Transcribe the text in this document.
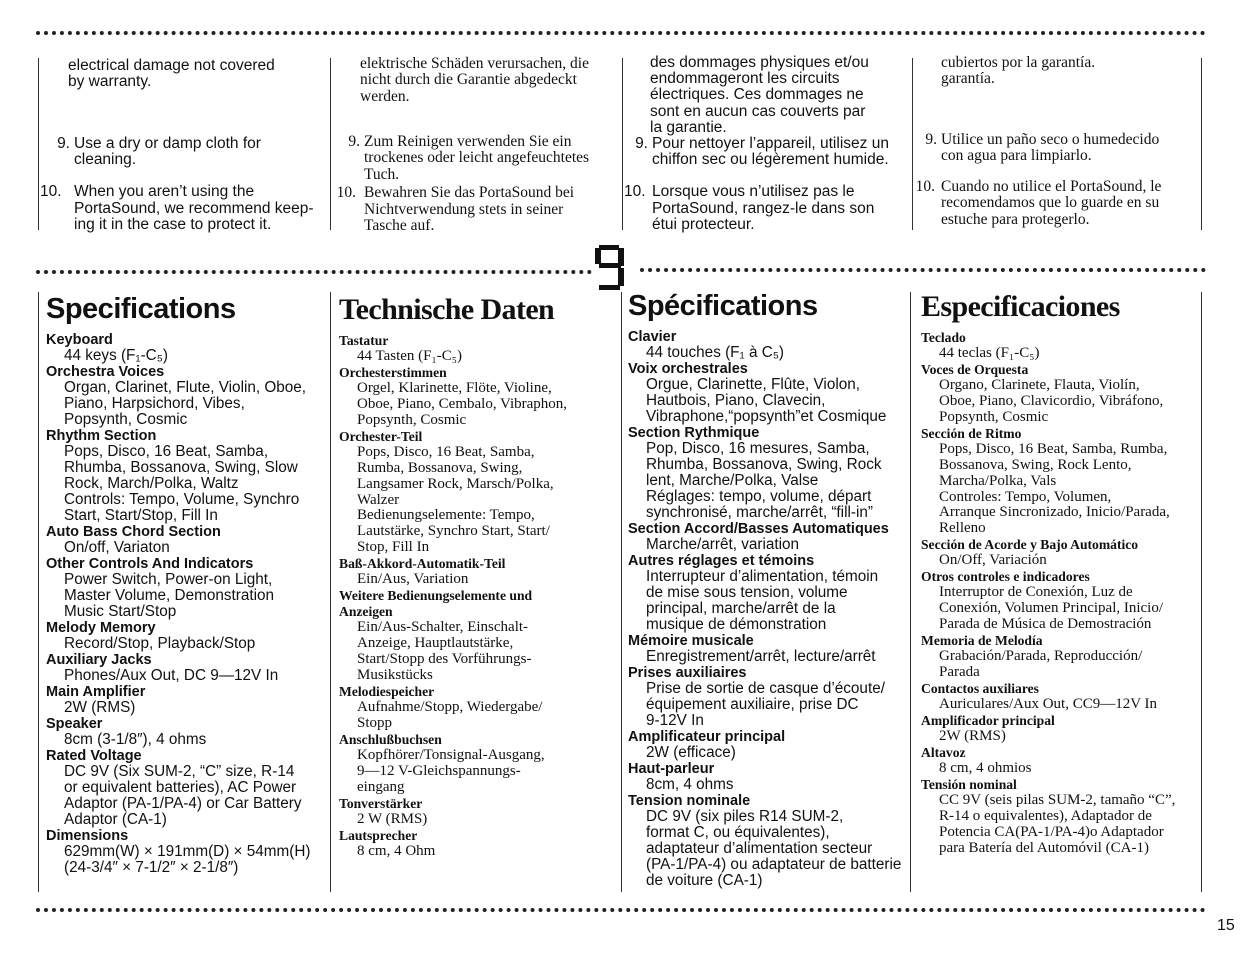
electrical damage not covered
by warranty.
9. Use a dry or damp cloth for
cleaning.
10. When you aren’t using the
PortaSound, we recommend keep-
ing it in the case to protect it.
elektrische Schäden verursachen, die
nicht durch die Garantie abgedeckt
werden.
9. Zum Reinigen verwenden Sie ein
trockenes oder leicht angefeuchtetes
Tuch.
10. Bewahren Sie das PortaSound bei
Nichtverwendung stets in seiner
Tasche auf.
des dommages physiques et/ou
endommageront les circuits
électriques. Ces dommages ne
sont en aucun cas couverts par
la garantie.
9. Pour nettoyer l’appareil, utilisez un
chiffon sec ou légèrement humide.
10. Lorsque vous n’utilisez pas le
PortaSound, rangez-le dans son
étui protecteur.
cubiertos por la garantía.
garantía.
9. Utilice un paño seco o humedecido
con agua para limpiarlo.
10. Cuando no utilice el PortaSound, le
recomendamos que lo guarde en su
estuche para protegerlo.
Specifications
Keyboard
44 keys (F₁-C₅)
Orchestra Voices
Organ, Clarinet, Flute, Violin, Oboe,
Piano, Harpsichord, Vibes,
Popsynth, Cosmic
Rhythm Section
Pops, Disco, 16 Beat, Samba,
Rhumba, Bossanova, Swing, Slow
Rock, March/Polka, Waltz
Controls: Tempo, Volume, Synchro
Start, Start/Stop, Fill In
Auto Bass Chord Section
On/off, Variaton
Other Controls And Indicators
Power Switch, Power-on Light,
Master Volume, Demonstration
Music Start/Stop
Melody Memory
Record/Stop, Playback/Stop
Auxiliary Jacks
Phones/Aux Out, DC 9—12V In
Main Amplifier
2W (RMS)
Speaker
8cm (3-1/8″), 4 ohms
Rated Voltage
DC 9V (Six SUM-2, “C” size, R-14
or equivalent batteries), AC Power
Adaptor (PA-1/PA-4) or Car Battery
Adaptor (CA-1)
Dimensions
629mm(W) × 191mm(D) × 54mm(H)
(24-3/4″ × 7-1/2″ × 2-1/8″)
Technische Daten
Tastatur
44 Tasten (F₁-C₅)
Orchesterstimmen
Orgel, Klarinette, Flöte, Violine,
Oboe, Piano, Cembalo, Vibraphon,
Popsynth, Cosmic
Orchester-Teil
Pops, Disco, 16 Beat, Samba,
Rumba, Bossanova, Swing,
Langsamer Rock, Marsch/Polka,
Walzer
Bedienungselemente: Tempo,
Lautstärke, Synchro Start, Start/
Stop, Fill In
Baß-Akkord-Automatik-Teil
Ein/Aus, Variation
Weitere Bedienungselemente und
Anzeigen
Ein/Aus-Schalter, Einschalt-
Anzeige, Hauptlautstärke,
Start/Stopp des Vorführungs-
Musikstücks
Melodiespeicher
Aufnahme/Stopp, Wiedergabe/
Stopp
Anschlußbuchsen
Kopfhörer/Tonsignal-Ausgang,
9—12 V-Gleichspannungs-
eingang
Tonverstärker
2 W (RMS)
Lautsprecher
8 cm, 4 Ohm
Spécifications
Clavier
44 touches (F₁ à C₅)
Voix orchestrales
Orgue, Clarinette, Flûte, Violon,
Hautbois, Piano, Clavecin,
Vibraphone,“popsynth”et Cosmique
Section Rythmique
Pop, Disco, 16 mesures, Samba,
Rhumba, Bossanova, Swing, Rock
lent, Marche/Polka, Valse
Réglages: tempo, volume, départ
synchronisé, marche/arrêt, “fill-in”
Section Accord/Basses Automatiques
Marche/arrêt, variation
Autres réglages et témoins
Interrupteur d’alimentation, témoin
de mise sous tension, volume
principal, marche/arrêt de la
musique de démonstration
Mémoire musicale
Enregistrement/arrêt, lecture/arrêt
Prises auxiliaires
Prise de sortie de casque d’écoute/
équipement auxiliaire, prise DC
9-12V In
Amplificateur principal
2W (efficace)
Haut-parleur
8cm, 4 ohms
Tension nominale
DC 9V (six piles R14 SUM-2,
format C, ou équivalentes),
adaptateur d’alimentation secteur
(PA-1/PA-4) ou adaptateur de batterie
de voiture (CA-1)
Especificaciones
Teclado
44 teclas (F₁-C₅)
Voces de Orquesta
Organo, Clarinete, Flauta, Violín,
Oboe, Piano, Clavicordio, Vibráfono,
Popsynth, Cosmic
Sección de Ritmo
Pops, Disco, 16 Beat, Samba, Rumba,
Bossanova, Swing, Rock Lento,
Marcha/Polka, Vals
Controles: Tempo, Volumen,
Arranque Sincronizado, Inicio/Parada,
Relleno
Sección de Acorde y Bajo Automático
On/Off, Variación
Otros controles e indicadores
Interruptor de Conexión, Luz de
Conexión, Volumen Principal, Inicio/
Parada de Música de Demostración
Memoria de Melodía
Grabación/Parada, Reproducción/
Parada
Contactos auxiliares
Auriculares/Aux Out, CC9—12V In
Amplificador principal
2W (RMS)
Altavoz
8 cm, 4 ohmios
Tensión nominal
CC 9V (seis pilas SUM-2, tamaño “C”,
R-14 o equivalentes), Adaptador de
Potencia CA(PA-1/PA-4)o Adaptador
para Batería del Automóvil (CA-1)
15
